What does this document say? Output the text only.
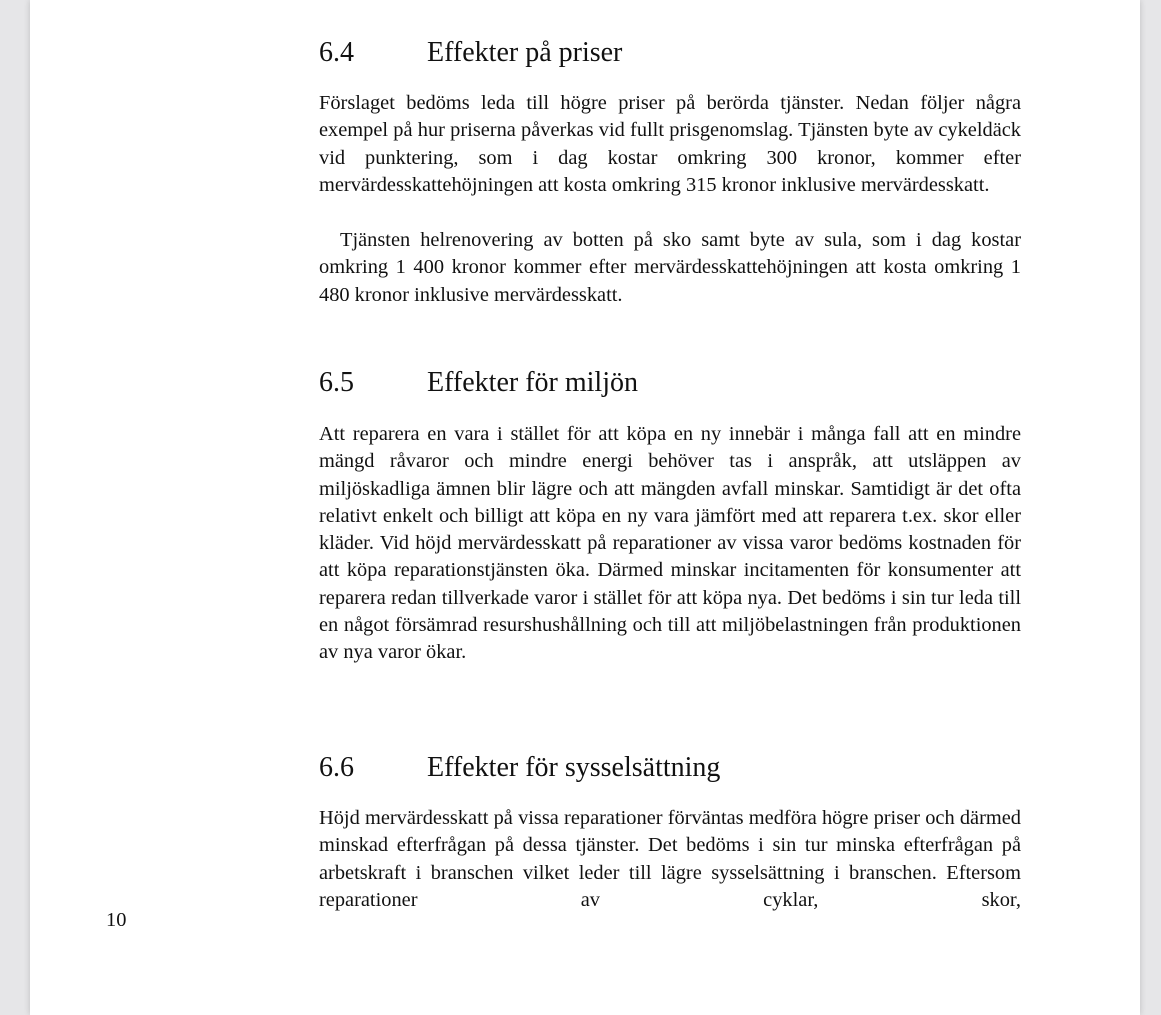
6.4	Effekter på priser

Förslaget bedöms leda till högre priser på berörda tjänster. Nedan följer några exempel på hur priserna påverkas vid fullt prisgenomslag. Tjänsten byte av cykeldäck vid punktering, som i dag kostar omkring 300 kronor, kommer efter mervärdesskattehöjningen att kosta omkring 315 kronor inklusive mervärdesskatt.

Tjänsten helrenovering av botten på sko samt byte av sula, som i dag kostar omkring 1 400 kronor kommer efter mervärdesskattehöjningen att kosta omkring 1 480 kronor inklusive mervärdesskatt.

6.5	Effekter för miljön

Att reparera en vara i stället för att köpa en ny innebär i många fall att en mindre mängd råvaror och mindre energi behöver tas i anspråk, att utsläppen av miljöskadliga ämnen blir lägre och att mängden avfall minskar. Samtidigt är det ofta relativt enkelt och billigt att köpa en ny vara jämfört med att reparera t.ex. skor eller kläder. Vid höjd mervärdesskatt på reparationer av vissa varor bedöms kostnaden för att köpa reparationstjänsten öka. Därmed minskar incitamenten för konsumenter att reparera redan tillverkade varor i stället för att köpa nya. Det bedöms i sin tur leda till en något försämrad resurshushållning och till att miljöbelastningen från produktionen av nya varor ökar.

6.6	Effekter för sysselsättning

Höjd mervärdesskatt på vissa reparationer förväntas medföra högre priser och därmed minskad efterfrågan på dessa tjänster. Det bedöms i sin tur minska efterfrågan på arbetskraft i branschen vilket leder till lägre sysselsättning i branschen. Eftersom reparationer av cyklar, skor,

10
